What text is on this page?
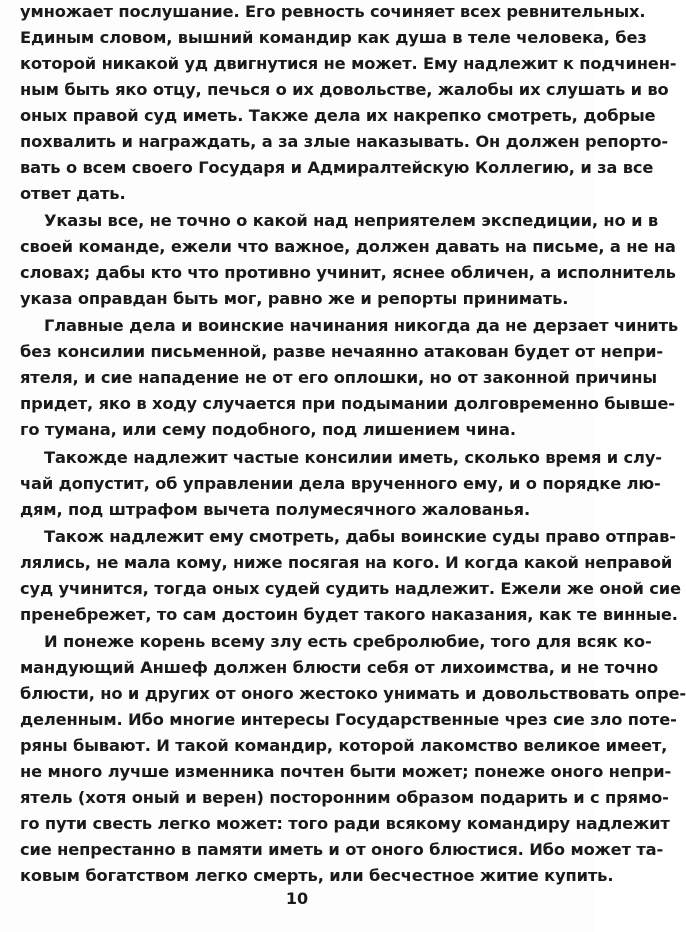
умножает послушание. Его ревность сочиняет всех ревнительных.
Единым словом, вышний командир как душа в теле человека, без
которой никакой уд двигнутися не может. Ему надлежит к подчинен-
ным быть яко отцу, печься о их довольстве, жалобы их слушать и во
оных правой суд иметь. Также дела их накрепко смотреть, добрые
похвалить и награждать, а за злые наказывать. Он должен репорто-
вать о всем своего Государя и Адмиралтейскую Коллегию, и за все
ответ дать.
Указы все, не точно о какой над неприятелем экспедиции, но и в
своей команде, ежели что важное, должен давать на письме, а не на
словах; дабы кто что противно учинит, яснее обличен, а исполнитель
указа оправдан быть мог, равно же и репорты принимать.
Главные дела и воинские начинания никогда да не дерзает чинить
без консилии письменной, разве нечаянно атакован будет от непри-
ятеля, и сие нападение не от его оплошки, но от законной причины
придет, яко в ходу случается при подымании долговременно бывше-
го тумана, или сему подобного, под лишением чина.
Такожде надлежит частые консилии иметь, сколько время и слу-
чай допустит, об управлении дела врученного ему, и о порядке лю-
дям, под штрафом вычета полумесячного жалованья.
Також надлежит ему смотреть, дабы воинские суды право отправ-
лялись, не мала кому, ниже посягая на кого. И когда какой неправой
суд учинится, тогда оных судей судить надлежит. Ежели же оной сие
пренебрежет, то сам достоин будет такого наказания, как те винные.
И понеже корень всему злу есть сребролюбие, того для всяк ко-
мандующий Аншеф должен блюсти себя от лихоимства, и не точно
блюсти, но и других от оного жестоко унимать и довольствовать опре-
деленным. Ибо многие интересы Государственные чрез сие зло поте-
ряны бывают. И такой командир, которой лакомство великое имеет,
не много лучше изменника почтен быти может; понеже оного непри-
ятель (хотя оный и верен) посторонним образом подарить и с прямо-
го пути свесть легко может: того ради всякому командиру надлежит
сие непрестанно в памяти иметь и от оного блюстися. Ибо может та-
ковым богатством легко смерть, или бесчестное житие купить.
10
